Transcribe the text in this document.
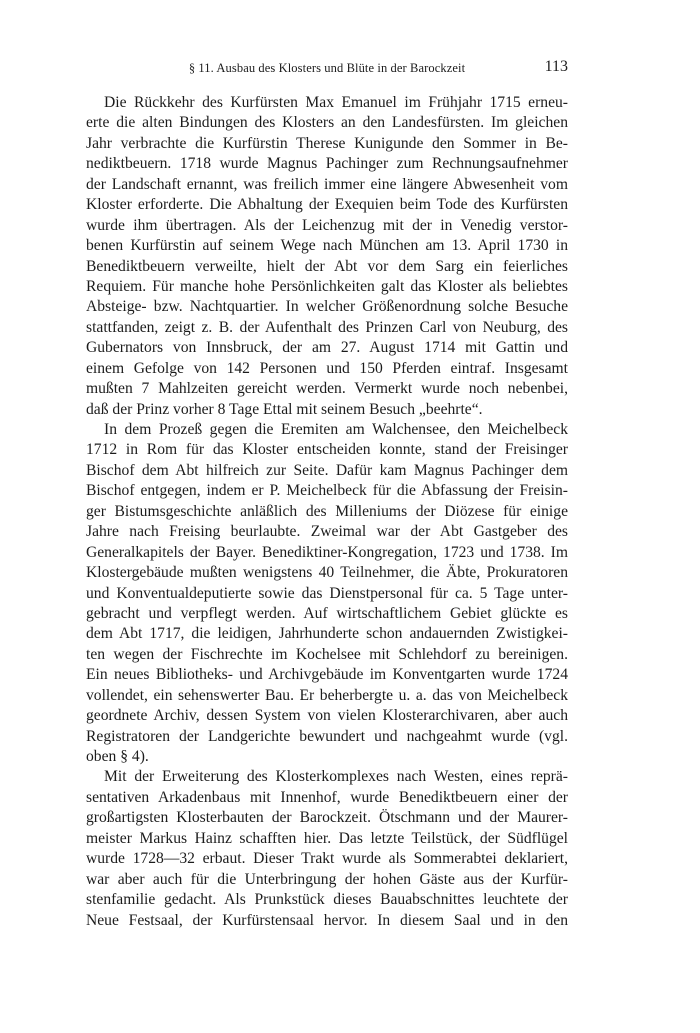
§ 11. Ausbau des Klosters und Blüte in der Barockzeit	113
Die Rückkehr des Kurfürsten Max Emanuel im Frühjahr 1715 erneu-
erte die alten Bindungen des Klosters an den Landesfürsten. Im gleichen
Jahr verbrachte die Kurfürstin Therese Kunigunde den Sommer in Be-
nediktbeuern. 1718 wurde Magnus Pachinger zum Rechnungsaufnehmer
der Landschaft ernannt, was freilich immer eine längere Abwesenheit vom
Kloster erforderte. Die Abhaltung der Exequien beim Tode des Kurfürsten
wurde ihm übertragen. Als der Leichenzug mit der in Venedig verstor-
benen Kurfürstin auf seinem Wege nach München am 13. April 1730 in
Benediktbeuern verweilte, hielt der Abt vor dem Sarg ein feierliches
Requiem. Für manche hohe Persönlichkeiten galt das Kloster als beliebtes
Absteige- bzw. Nachtquartier. In welcher Größenordnung solche Besuche
stattfanden, zeigt z. B. der Aufenthalt des Prinzen Carl von Neuburg, des
Gubernators von Innsbruck, der am 27. August 1714 mit Gattin und
einem Gefolge von 142 Personen und 150 Pferden eintraf. Insgesamt
mußten 7 Mahlzeiten gereicht werden. Vermerkt wurde noch nebenbei,
daß der Prinz vorher 8 Tage Ettal mit seinem Besuch „beehrte“.
In dem Prozeß gegen die Eremiten am Walchensee, den Meichelbeck
1712 in Rom für das Kloster entscheiden konnte, stand der Freisinger
Bischof dem Abt hilfreich zur Seite. Dafür kam Magnus Pachinger dem
Bischof entgegen, indem er P. Meichelbeck für die Abfassung der Freisin-
ger Bistumsgeschichte anläßlich des Milleniums der Diözese für einige
Jahre nach Freising beurlaubte. Zweimal war der Abt Gastgeber des
Generalkapitels der Bayer. Benediktiner-Kongregation, 1723 und 1738. Im
Klostergebäude mußten wenigstens 40 Teilnehmer, die Äbte, Prokuratoren
und Konventualdeputierte sowie das Dienstpersonal für ca. 5 Tage unter-
gebracht und verpflegt werden. Auf wirtschaftlichem Gebiet glückte es
dem Abt 1717, die leidigen, Jahrhunderte schon andauernden Zwistigkei-
ten wegen der Fischrechte im Kochelsee mit Schlehdorf zu bereinigen.
Ein neues Bibliotheks- und Archivgebäude im Konventgarten wurde 1724
vollendet, ein sehenswerter Bau. Er beherbergte u. a. das von Meichelbeck
geordnete Archiv, dessen System von vielen Klosterarchivaren, aber auch
Registratoren der Landgerichte bewundert und nachgeahmt wurde (vgl.
oben § 4).
Mit der Erweiterung des Klosterkomplexes nach Westen, eines reprä-
sentativen Arkadenbaus mit Innenhof, wurde Benediktbeuern einer der
großartigsten Klosterbauten der Barockzeit. Ötschmann und der Maurer-
meister Markus Hainz schafften hier. Das letzte Teilstück, der Südflügel
wurde 1728—32 erbaut. Dieser Trakt wurde als Sommerabtei deklariert,
war aber auch für die Unterbringung der hohen Gäste aus der Kurfür-
stenfamilie gedacht. Als Prunkstück dieses Bauabschnittes leuchtete der
Neue Festsaal, der Kurfürstensaal hervor. In diesem Saal und in den
